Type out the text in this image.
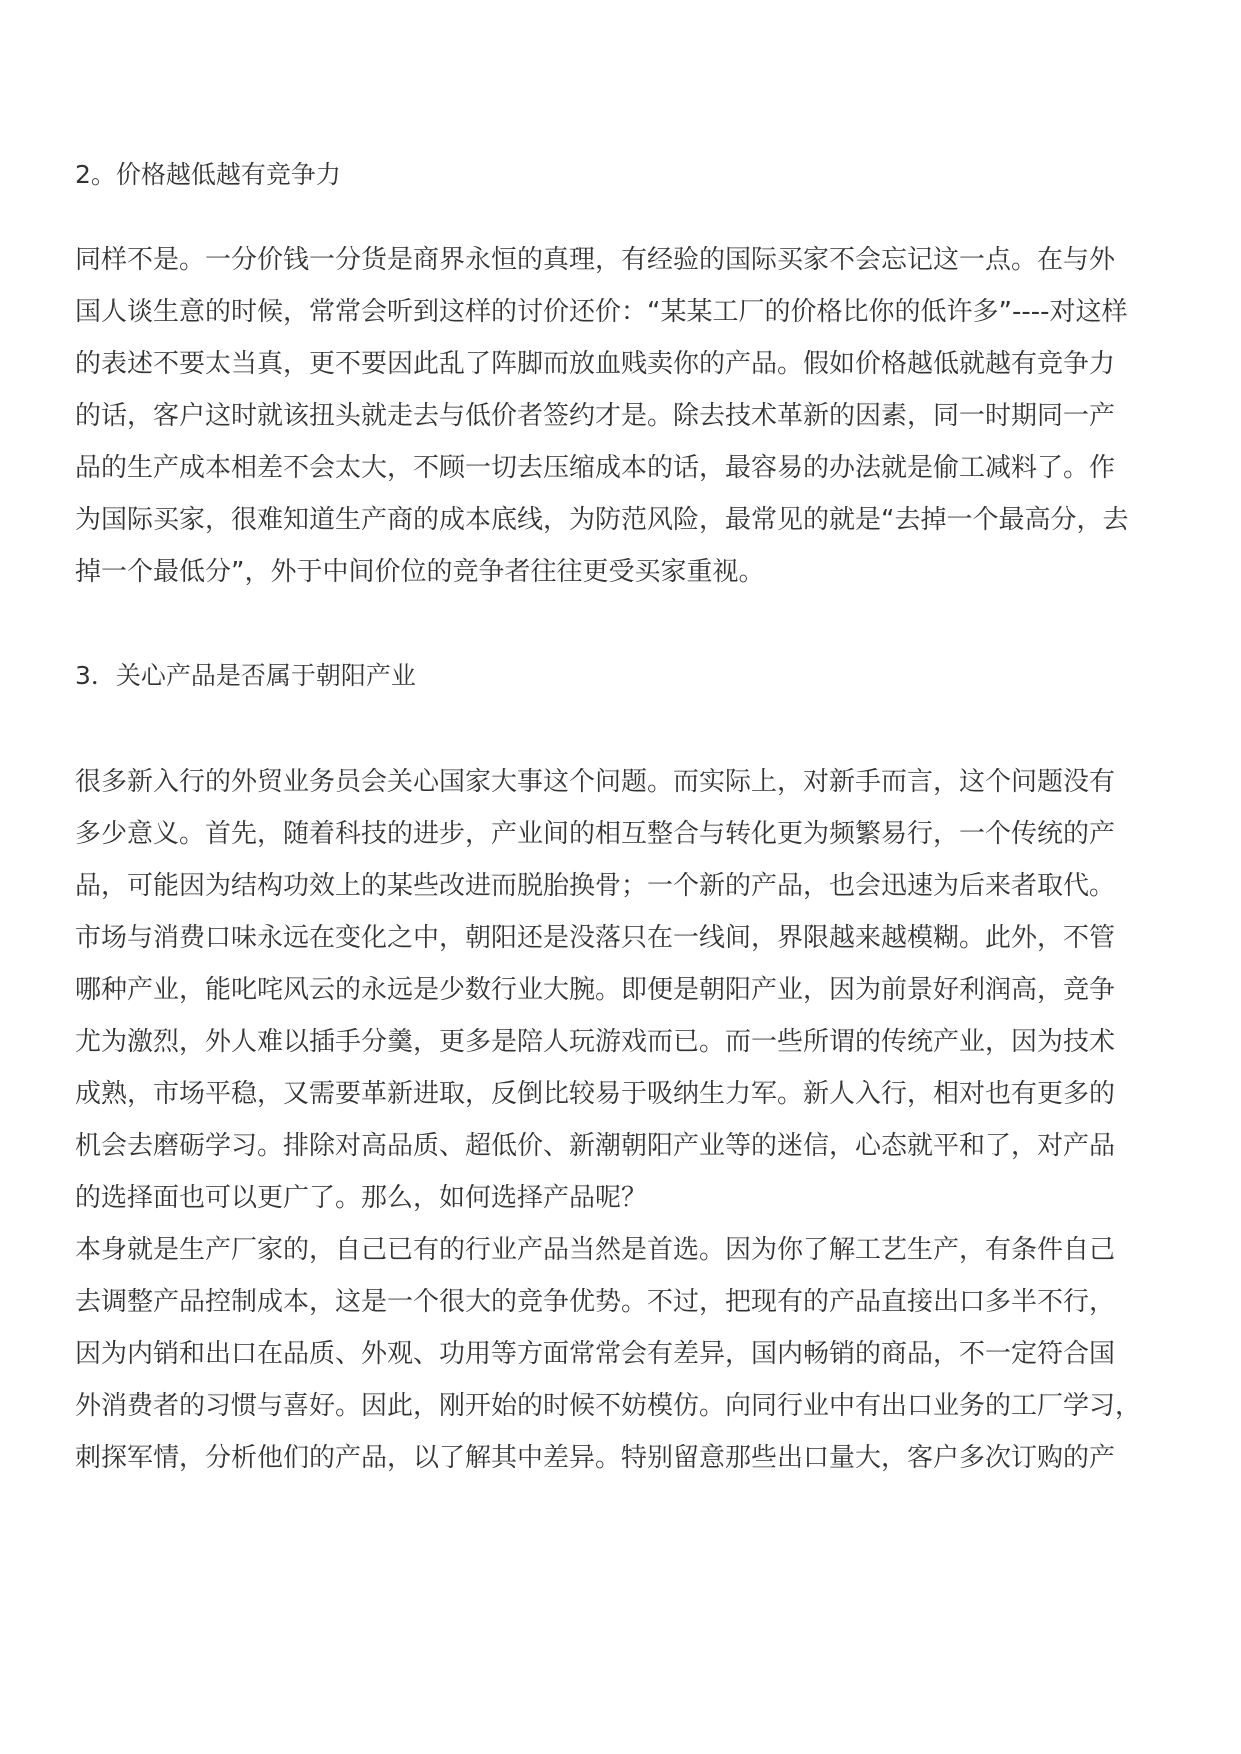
2。价格越低越有竞争力
同样不是。一分价钱一分货是商界永恒的真理，有经验的国际买家不会忘记这一点。在与外
国人谈生意的时候，常常会听到这样的讨价还价：“某某工厂的价格比你的低许多”----对这样
的表述不要太当真，更不要因此乱了阵脚而放血贱卖你的产品。假如价格越低就越有竞争力
的话，客户这时就该扭头就走去与低价者签约才是。除去技术革新的因素，同一时期同一产
品的生产成本相差不会太大，不顾一切去压缩成本的话，最容易的办法就是偷工减料了。作
为国际买家，很难知道生产商的成本底线，为防范风险，最常见的就是“去掉一个最高分，去
掉一个最低分”，外于中间价位的竞争者往往更受买家重视。
3．关心产品是否属于朝阳产业
很多新入行的外贸业务员会关心国家大事这个问题。而实际上，对新手而言，这个问题没有
多少意义。首先，随着科技的进步，产业间的相互整合与转化更为频繁易行，一个传统的产
品，可能因为结构功效上的某些改进而脱胎换骨；一个新的产品，也会迅速为后来者取代。
市场与消费口味永远在变化之中，朝阳还是没落只在一线间，界限越来越模糊。此外，不管
哪种产业，能叱咤风云的永远是少数行业大腕。即便是朝阳产业，因为前景好利润高，竞争
尤为激烈，外人难以插手分羹，更多是陪人玩游戏而已。而一些所谓的传统产业，因为技术
成熟，市场平稳，又需要革新进取，反倒比较易于吸纳生力军。新人入行，相对也有更多的
机会去磨砺学习。排除对高品质、超低价、新潮朝阳产业等的迷信，心态就平和了，对产品
的选择面也可以更广了。那么，如何选择产品呢？
本身就是生产厂家的，自己已有的行业产品当然是首选。因为你了解工艺生产，有条件自己
去调整产品控制成本，这是一个很大的竞争优势。不过，把现有的产品直接出口多半不行，
因为内销和出口在品质、外观、功用等方面常常会有差异，国内畅销的商品，不一定符合国
外消费者的习惯与喜好。因此，刚开始的时候不妨模仿。向同行业中有出口业务的工厂学习，
刺探军情，分析他们的产品，以了解其中差异。特别留意那些出口量大，客户多次订购的产
